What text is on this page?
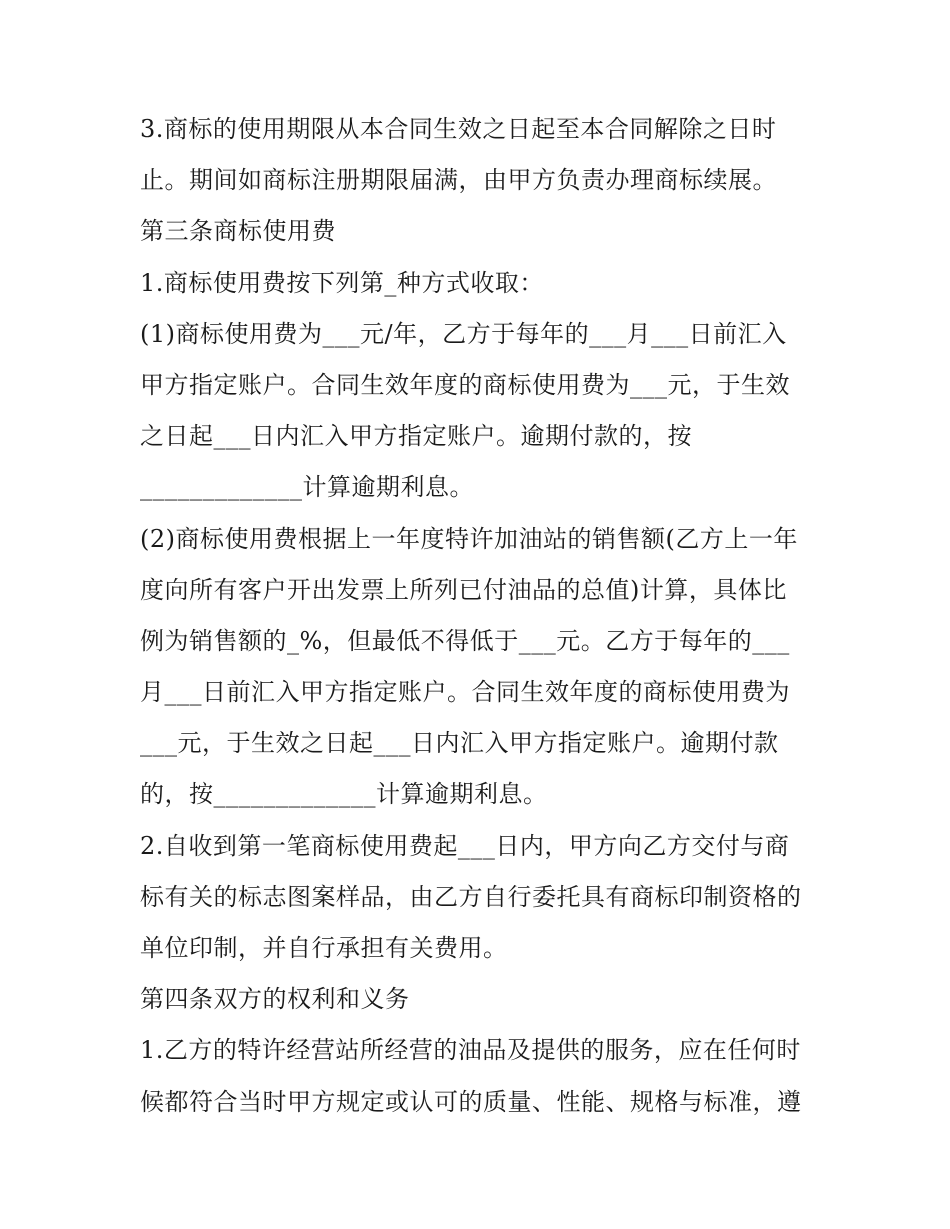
3.商标的使用期限从本合同生效之日起至本合同解除之日时
止。期间如商标注册期限届满，由甲方负责办理商标续展。
第三条商标使用费
1.商标使用费按下列第_种方式收取：
(1)商标使用费为___元/年，乙方于每年的___月___日前汇入
甲方指定账户。合同生效年度的商标使用费为___元，于生效
之日起___日内汇入甲方指定账户。逾期付款的，按
_____________计算逾期利息。
(2)商标使用费根据上一年度特许加油站的销售额(乙方上一年
度向所有客户开出发票上所列已付油品的总值)计算，具体比
例为销售额的_%，但最低不得低于___元。乙方于每年的___
月___日前汇入甲方指定账户。合同生效年度的商标使用费为
___元，于生效之日起___日内汇入甲方指定账户。逾期付款
的，按_____________计算逾期利息。
2.自收到第一笔商标使用费起___日内，甲方向乙方交付与商
标有关的标志图案样品，由乙方自行委托具有商标印制资格的
单位印制，并自行承担有关费用。
第四条双方的权利和义务
1.乙方的特许经营站所经营的油品及提供的服务，应在任何时
候都符合当时甲方规定或认可的质量、性能、规格与标准，遵
